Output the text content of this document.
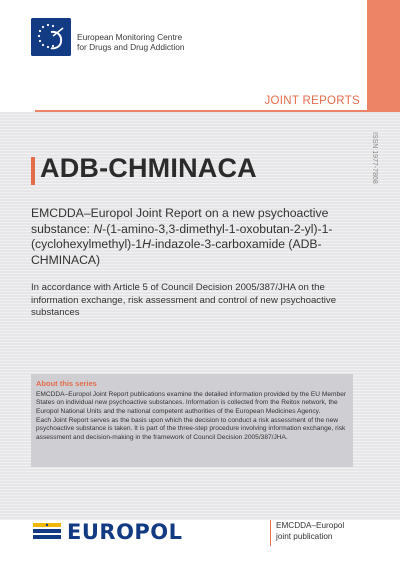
European Monitoring Centre
for Drugs and Drug Addiction
JOINT REPORTS
ISSN 1977-7868
ADB-CHMINACA
EMCDDA–Europol Joint Report on a new psychoactive substance: N-(1-amino-3,3-dimethyl-1-oxobutan-2-yl)-1-(cyclohexylmethyl)-1H-indazole-3-carboxamide (ADB-CHMINACA)
In accordance with Article 5 of Council Decision 2005/387/JHA on the information exchange, risk assessment and control of new psychoactive substances
About this series
EMCDDA–Europol Joint Report publications examine the detailed information provided by the EU Member States on individual new psychoactive substances. Information is collected from the Reitox network, the Europol National Units and the national competent authorities of the European Medicines Agency.
Each Joint Report serves as the basis upon which the decision to conduct a risk assessment of the new psychoactive substance is taken. It is part of the three-step procedure involving information exchange, risk assessment and decision-making in the framework of Council Decision 2005/387/JHA.
EUROPOL	EMCDDA–Europol
joint publication
